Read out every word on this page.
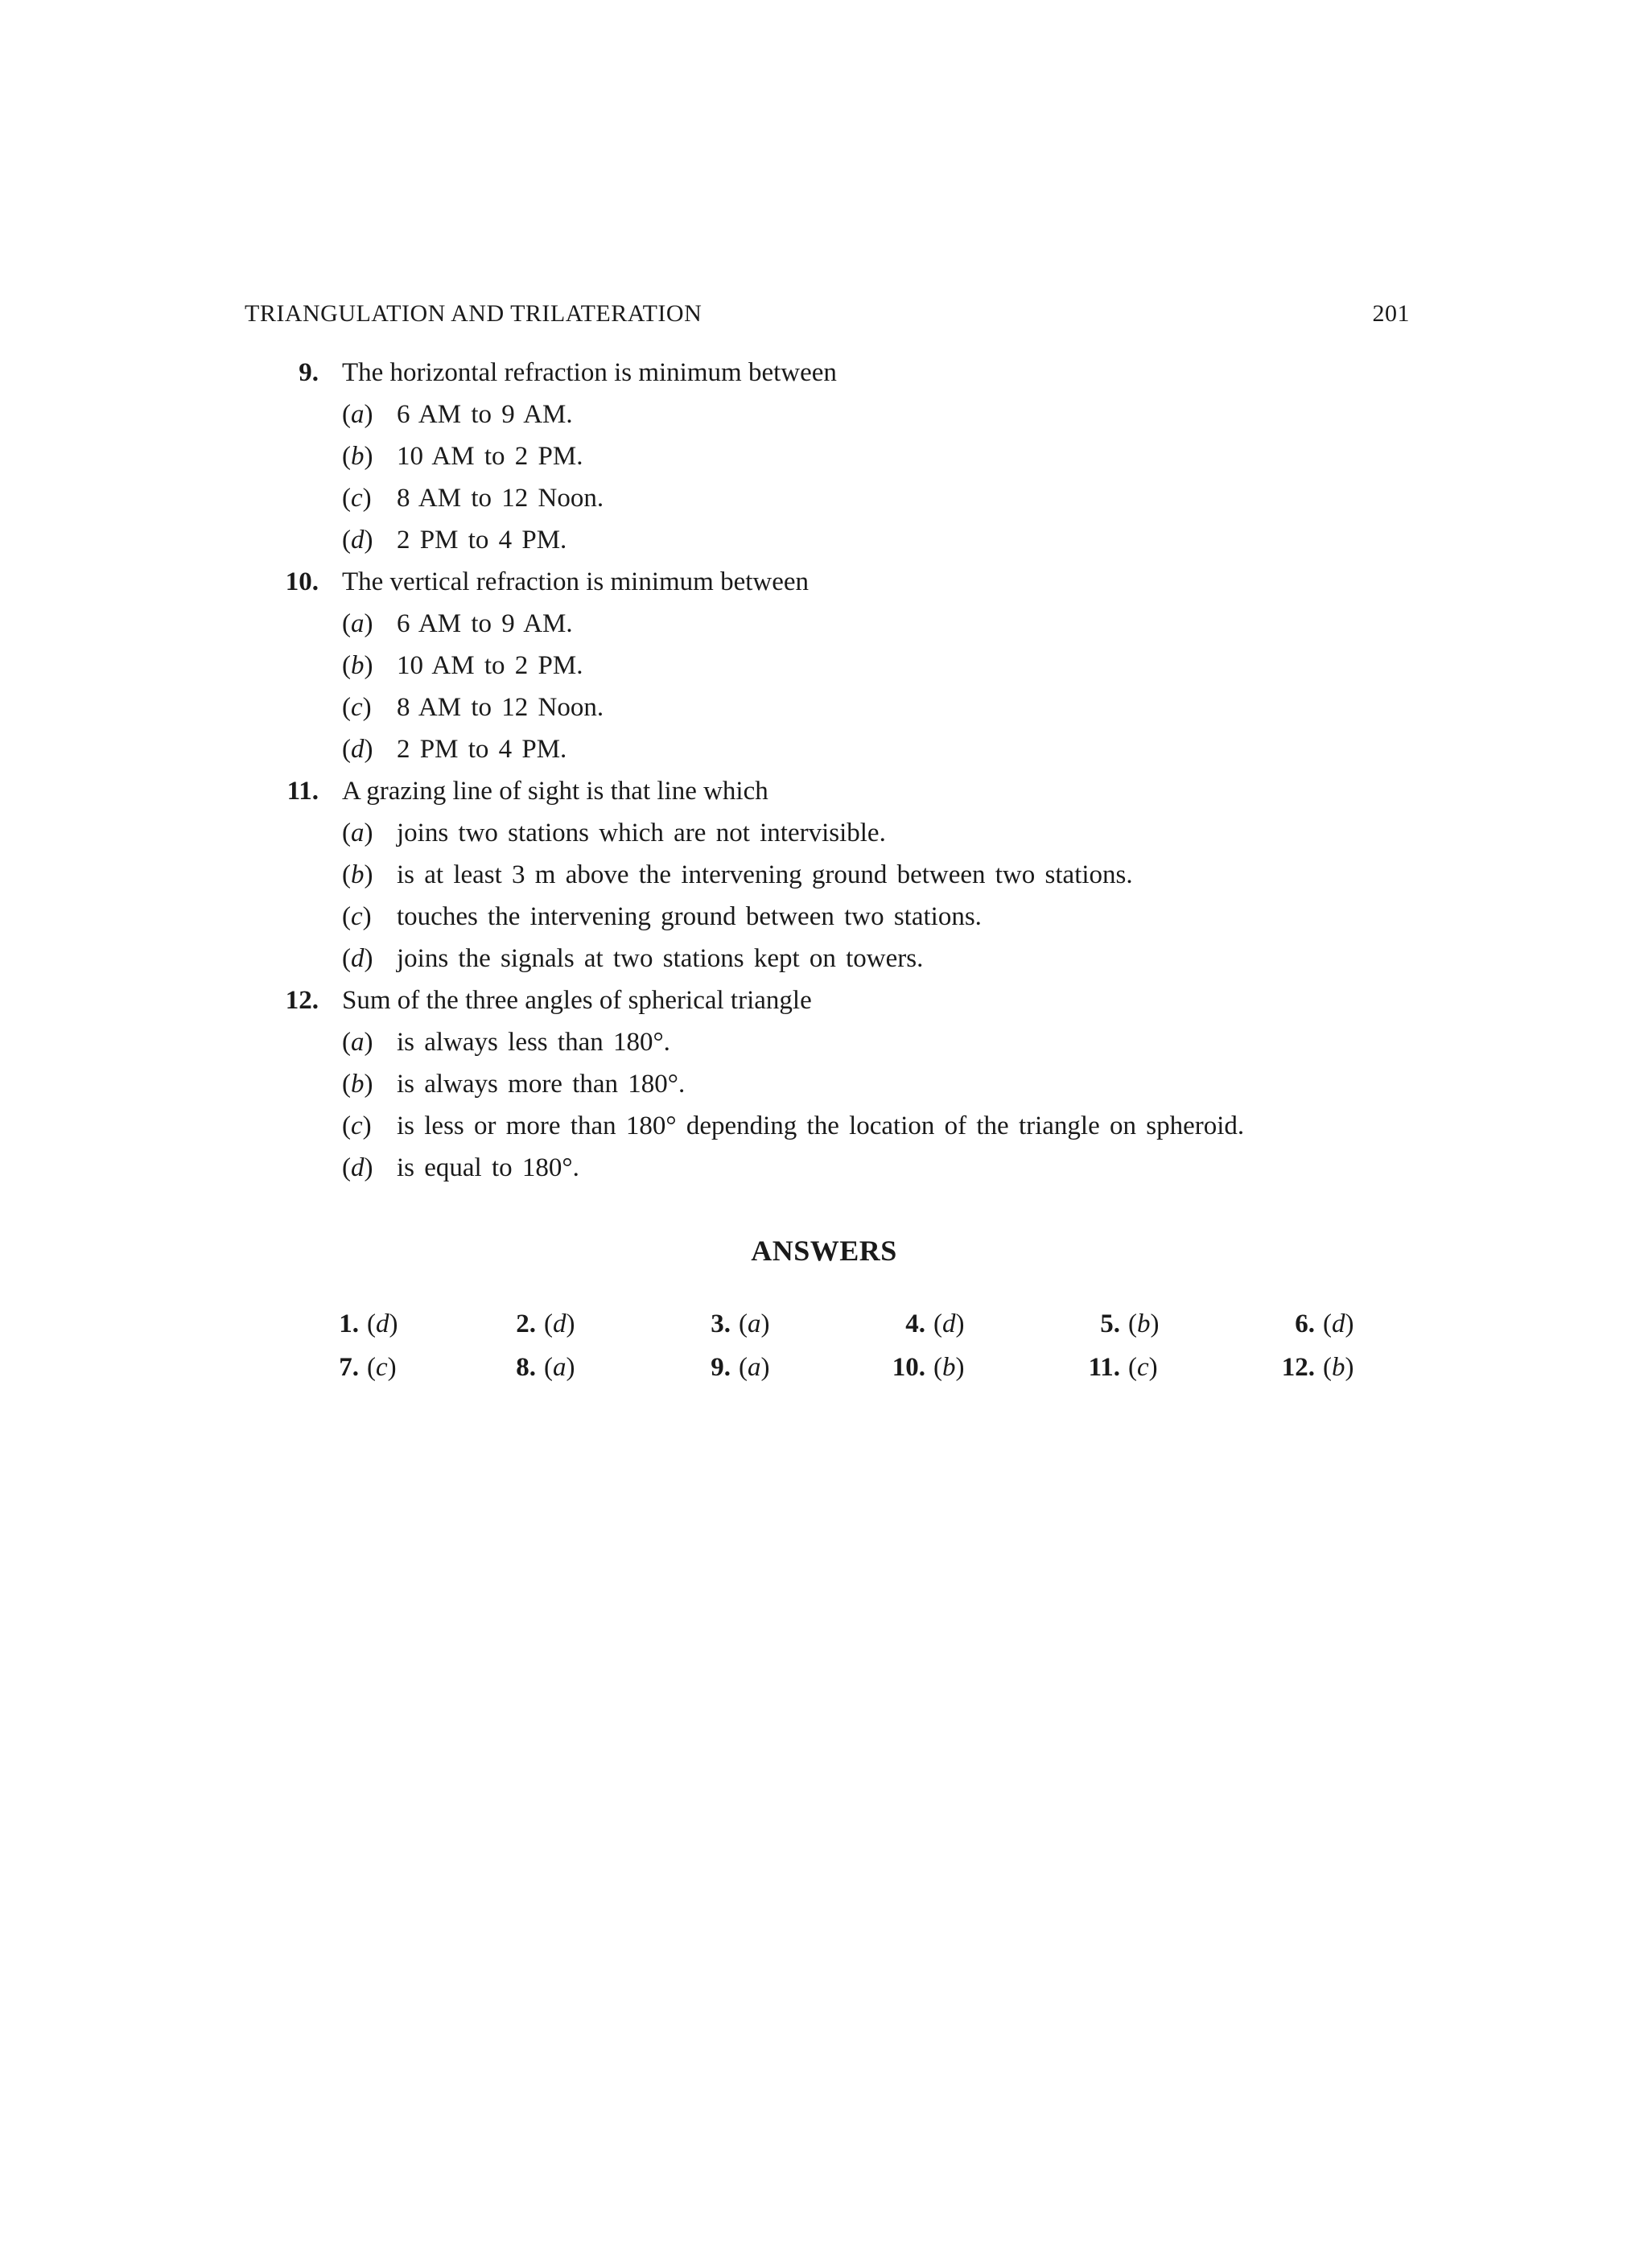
TRIANGULATION AND TRILATERATION	201
9. The horizontal refraction is minimum between
(a) 6 AM to 9 AM.
(b) 10 AM to 2 PM.
(c) 8 AM to 12 Noon.
(d) 2 PM to 4 PM.
10. The vertical refraction is minimum between
(a) 6 AM to 9 AM.
(b) 10 AM to 2 PM.
(c) 8 AM to 12 Noon.
(d) 2 PM to 4 PM.
11. A grazing line of sight is that line which
(a) joins two stations which are not intervisible.
(b) is at least 3 m above the intervening ground between two stations.
(c) touches the intervening ground between two stations.
(d) joins the signals at two stations kept on towers.
12. Sum of the three angles of spherical triangle
(a) is always less than 180°.
(b) is always more than 180°.
(c) is less or more than 180° depending the location of the triangle on spheroid.
(d) is equal to 180°.
ANSWERS
1. (d)	2. (d)	3. (a)	4. (d)	5. (b)	6. (d)
7. (c)	8. (a)	9. (a)	10. (b)	11. (c)	12. (b)
